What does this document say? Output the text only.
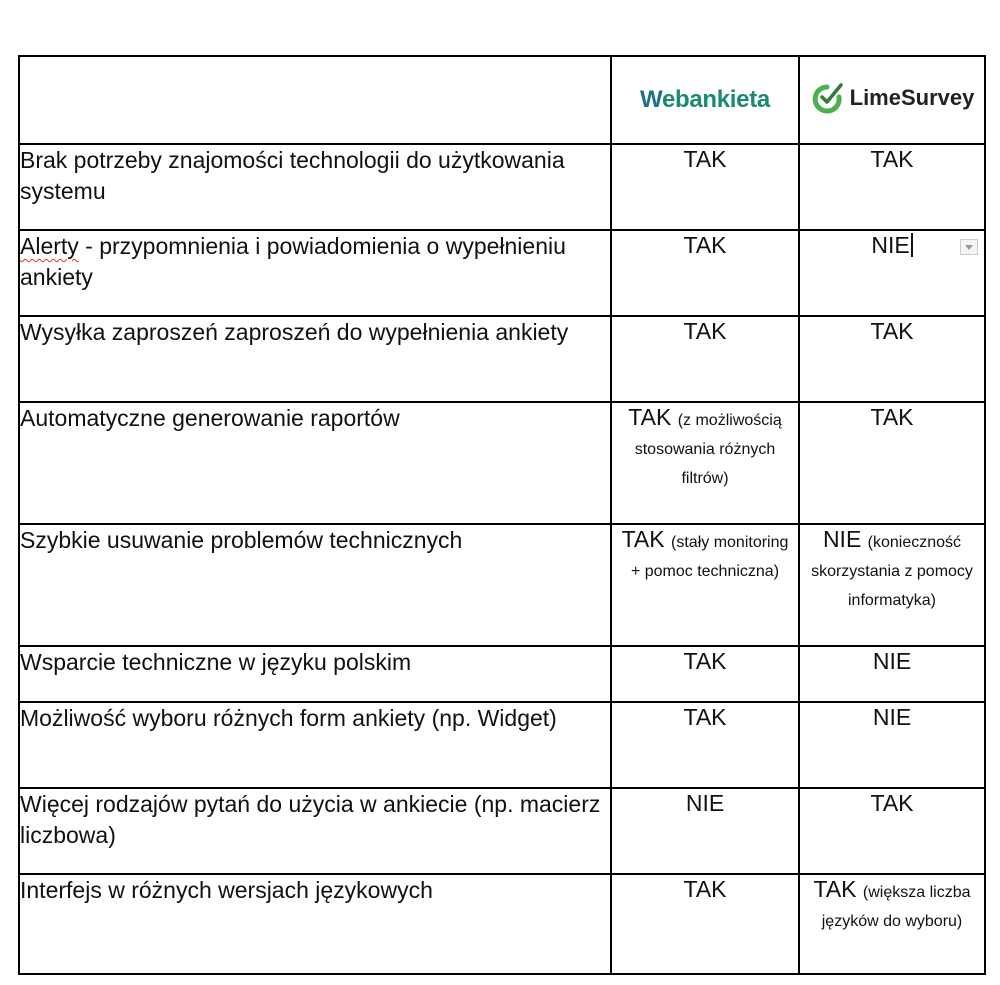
	Webankieta	LimeSurvey

Brak potrzeby znajomości technologii do użytkowania systemu	TAK	TAK
Alerty - przypomnienia i powiadomienia o wypełnieniu ankiety	TAK	NIE

Wysyłka zaproszeń zaproszeń do wypełnienia ankiety	TAK	TAK
Automatyczne generowanie raportów	TAK (z możliwością stosowania różnych filtrów)	TAK
Szybkie usuwanie problemów technicznych	TAK (stały monitoring + pomoc techniczna)	NIE (konieczność skorzystania z pomocy informatyka)
Wsparcie techniczne w języku polskim	TAK	NIE
Możliwość wyboru różnych form ankiety (np. Widget)	TAK	NIE
Więcej rodzajów pytań do użycia w ankiecie (np. macierz liczbowa)	NIE	TAK
Interfejs w różnych wersjach językowych	TAK	TAK (większa liczba języków do wyboru)
